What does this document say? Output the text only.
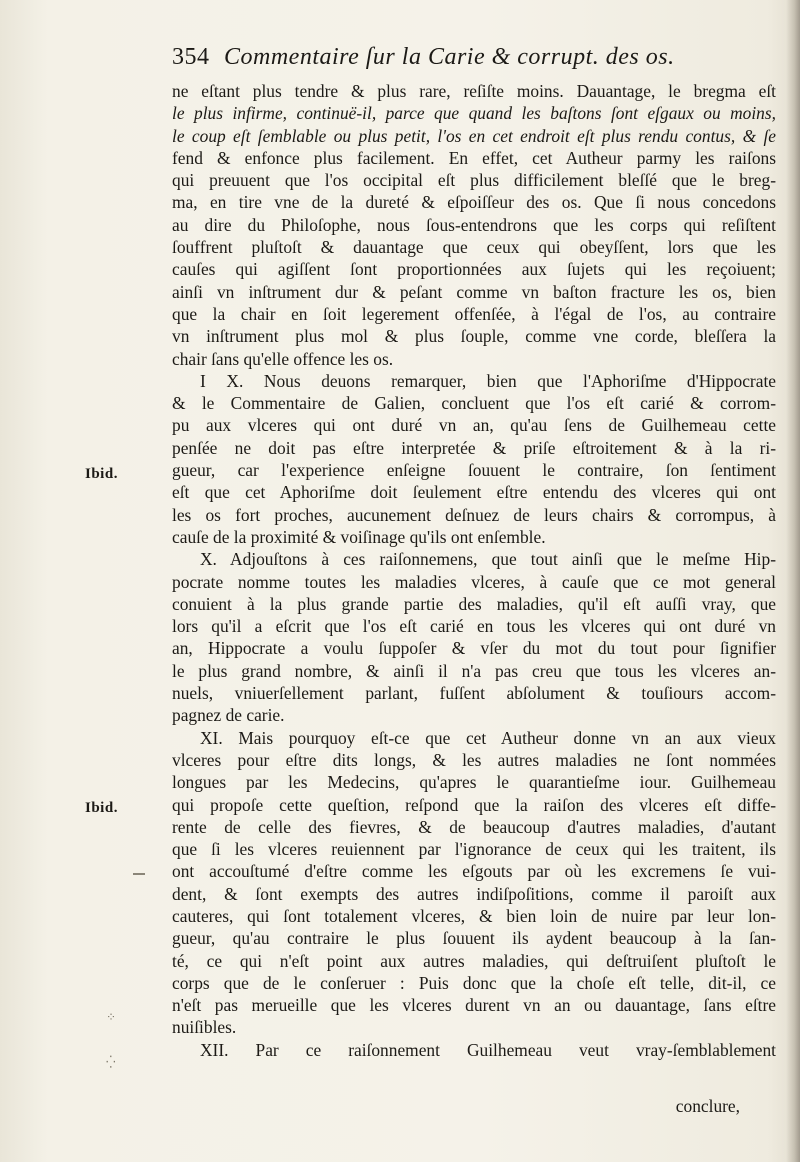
354 Commentaire ſur la Carie & corrupt. des os.
ne eſtant plus tendre & plus rare, reſiſte moins. Dauantage, le bregma eſt
le plus infirme, continuë-il, parce que quand les baſtons ſont eſgaux ou moins,
le coup eſt ſemblable ou plus petit, l'os en cet endroit eſt plus rendu contus, & ſe
fend & enfonce plus facilement. En effet, cet Autheur parmy les raiſons
qui preuuent que l'os occipital eſt plus difficilement bleſſé que le breg-
ma, en tire vne de la dureté & eſpoiſſeur des os. Que ſi nous concedons
au dire du Philoſophe, nous ſous-entendrons que les corps qui reſiſtent
ſouffrent pluſtoſt & dauantage que ceux qui obeyſſent, lors que les
cauſes qui agiſſent ſont proportionnées aux ſujets qui les reçoiuent;
ainſi vn inſtrument dur & peſant comme vn baſton fracture les os, bien
que la chair en ſoit legerement offenſée, à l'égal de l'os, au contraire
vn inſtrument plus mol & plus ſouple, comme vne corde, bleſſera la
chair ſans qu'elle offence les os.
I X. Nous deuons remarquer, bien que l'Aphoriſme d'Hippocrate
& le Commentaire de Galien, concluent que l'os eſt carié & corrom-
pu aux vlceres qui ont duré vn an, qu'au ſens de Guilhemeau cette
penſée ne doit pas eſtre interpretée & priſe eſtroitement & à la ri-
gueur, car l'experience enſeigne ſouuent le contraire, ſon ſentiment
eſt que cet Aphoriſme doit ſeulement eſtre entendu des vlceres qui ont
les os fort proches, aucunement deſnuez de leurs chairs & corrompus, à
cauſe de la proximité & voiſinage qu'ils ont enſemble.
X. Adjouſtons à ces raiſonnemens, que tout ainſi que le meſme Hip-
pocrate nomme toutes les maladies vlceres, à cauſe que ce mot general
conuient à la plus grande partie des maladies, qu'il eſt auſſi vray, que
lors qu'il a eſcrit que l'os eſt carié en tous les vlceres qui ont duré vn
an, Hippocrate a voulu ſuppoſer & vſer du mot du tout pour ſignifier
le plus grand nombre, & ainſi il n'a pas creu que tous les vlceres an-
nuels, vniuerſellement parlant, fuſſent abſolument & touſiours accom-
pagnez de carie.
XI. Mais pourquoy eſt-ce que cet Autheur donne vn an aux vieux
vlceres pour eſtre dits longs, & les autres maladies ne ſont nommées
longues par les Medecins, qu'apres le quarantieſme iour. Guilhemeau
qui propoſe cette queſtion, reſpond que la raiſon des vlceres eſt diffe-
rente de celle des fievres, & de beaucoup d'autres maladies, d'autant
que ſi les vlceres reuiennent par l'ignorance de ceux qui les traitent, ils
ont accouſtumé d'eſtre comme les eſgouts par où les excremens ſe vui-
dent, & ſont exempts des autres indiſpoſitions, comme il paroiſt aux
cauteres, qui ſont totalement vlceres, & bien loin de nuire par leur lon-
gueur, qu'au contraire le plus ſouuent ils aydent beaucoup à la ſan-
té, ce qui n'eſt point aux autres maladies, qui deſtruiſent pluſtoſt le
corps que de le conſeruer : Puis donc que la choſe eſt telle, dit-il, ce
n'eſt pas merueille que les vlceres durent vn an ou dauantage, ſans eſtre
nuiſibles.
XII. Par ce raiſonnement Guilhemeau veut vray-ſemblablement
Ibid.
Ibid.
⁘
⁛
conclure,
